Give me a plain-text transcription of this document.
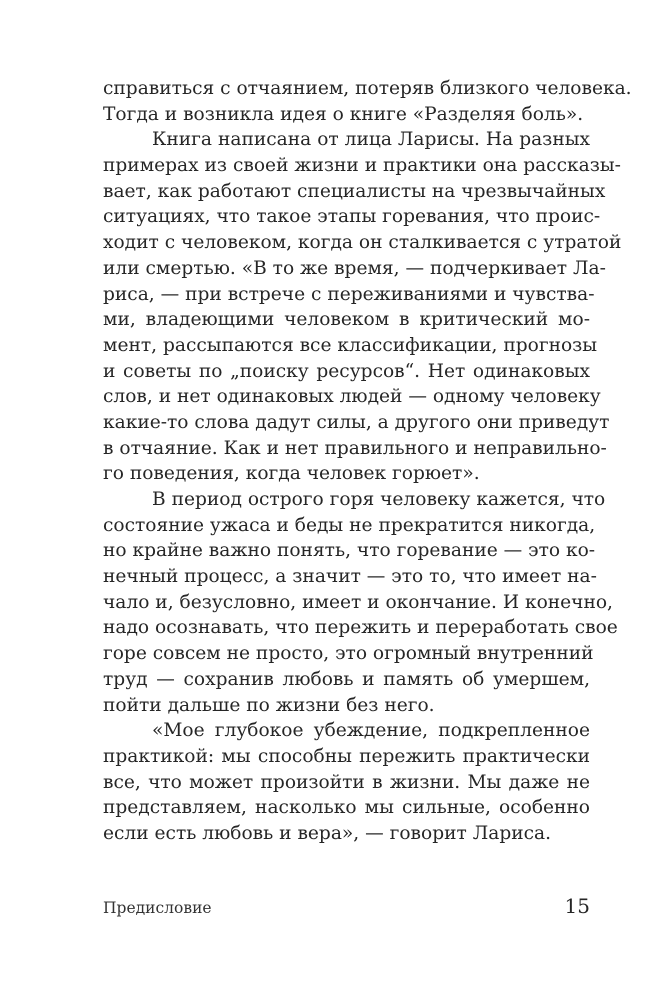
справиться с отчаянием, потеряв близкого человека.
Тогда и возникла идея о книге «Разделяя боль».
Книга написана от лица Ларисы. На разных
примерах из своей жизни и практики она рассказы-
вает, как работают специалисты на чрезвычайных
ситуациях, что такое этапы горевания, что проис-
ходит с человеком, когда он сталкивается с утратой
или смертью. «В то же время, — подчеркивает Ла-
риса, — при встрече с переживаниями и чувства-
ми, владеющими человеком в критический мо-
мент, рассыпаются все классификации, прогнозы
и советы по „поиску ресурсов“. Нет одинаковых
слов, и нет одинаковых людей — одному человеку
какие-то слова дадут силы, а другого они приведут
в отчаяние. Как и нет правильного и неправильно-
го поведения, когда человек горюет».
В период острого горя человеку кажется, что
состояние ужаса и беды не прекратится никогда,
но крайне важно понять, что горевание — это ко-
нечный процесс, а значит — это то, что имеет на-
чало и, безусловно, имеет и окончание. И конечно,
надо осознавать, что пережить и переработать свое
горе совсем не просто, это огромный внутренний
труд — сохранив любовь и память об умершем,
пойти дальше по жизни без него.
«Мое глубокое убеждение, подкрепленное
практикой: мы способны пережить практически
все, что может произойти в жизни. Мы даже не
представляем, насколько мы сильные, особенно
если есть любовь и вера», — говорит Лариса.
Предисловие	15
